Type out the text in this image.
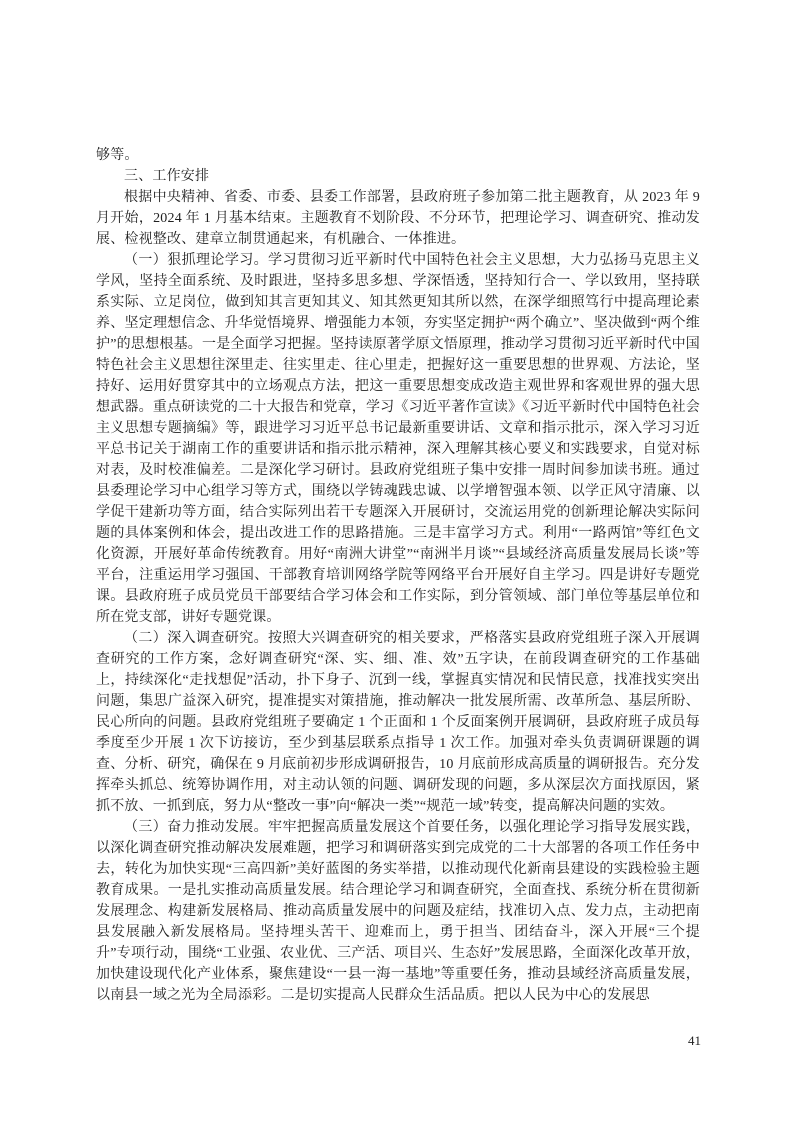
够等。

三、工作安排

根据中央精神、省委、市委、县委工作部署，县政府班子参加第二批主题教育，从 2023 年 9 月开始，2024 年 1 月基本结束。主题教育不划阶段、不分环节，把理论学习、调查研究、推动发展、检视整改、建章立制贯通起来，有机融合、一体推进。

（一）狠抓理论学习。学习贯彻习近平新时代中国特色社会主义思想，大力弘扬马克思主义学风，坚持全面系统、及时跟进，坚持多思多想、学深悟透，坚持知行合一、学以致用，坚持联系实际、立足岗位，做到知其言更知其义、知其然更知其所以然，在深学细照笃行中提高理论素养、坚定理想信念、升华觉悟境界、增强能力本领，夯实坚定拥护“两个确立”、坚决做到“两个维护”的思想根基。一是全面学习把握。坚持读原著学原文悟原理，推动学习贯彻习近平新时代中国特色社会主义思想往深里走、往实里走、往心里走，把握好这一重要思想的世界观、方法论，坚持好、运用好贯穿其中的立场观点方法，把这一重要思想变成改造主观世界和客观世界的强大思想武器。重点研读党的二十大报告和党章，学习《习近平著作宣读》《习近平新时代中国特色社会主义思想专题摘编》等，跟进学习习近平总书记最新重要讲话、文章和指示批示，深入学习习近平总书记关于湖南工作的重要讲话和指示批示精神，深入理解其核心要义和实践要求，自觉对标对表，及时校准偏差。二是深化学习研讨。县政府党组班子集中安排一周时间参加读书班。通过县委理论学习中心组学习等方式，围绕以学铸魂践忠诚、以学增智强本领、以学正风守清廉、以学促干建新功等方面，结合实际列出若干专题深入开展研讨，交流运用党的创新理论解决实际问题的具体案例和体会，提出改进工作的思路措施。三是丰富学习方式。利用“一路两馆”等红色文化资源，开展好革命传统教育。用好“南洲大讲堂”“南洲半月谈”“县域经济高质量发展局长谈”等平台，注重运用学习强国、干部教育培训网络学院等网络平台开展好自主学习。四是讲好专题党课。县政府班子成员党员干部要结合学习体会和工作实际，到分管领域、部门单位等基层单位和所在党支部，讲好专题党课。

（二）深入调查研究。按照大兴调查研究的相关要求，严格落实县政府党组班子深入开展调查研究的工作方案，念好调查研究“深、实、细、准、效”五字诀，在前段调查研究的工作基础上，持续深化“走找想促”活动，扑下身子、沉到一线，掌握真实情况和民情民意，找准找实突出问题，集思广益深入研究，提准提实对策措施，推动解决一批发展所需、改革所急、基层所盼、民心所向的问题。县政府党组班子要确定 1 个正面和 1 个反面案例开展调研，县政府班子成员每季度至少开展 1 次下访接访，至少到基层联系点指导 1 次工作。加强对牵头负责调研课题的调查、分析、研究，确保在 9 月底前初步形成调研报告，10 月底前形成高质量的调研报告。充分发挥牵头抓总、统筹协调作用，对主动认领的问题、调研发现的问题，多从深层次方面找原因，紧抓不放、一抓到底，努力从“整改一事”向“解决一类”“规范一域”转变，提高解决问题的实效。

（三）奋力推动发展。牢牢把握高质量发展这个首要任务，以强化理论学习指导发展实践，以深化调查研究推动解决发展难题，把学习和调研落实到完成党的二十大部署的各项工作任务中去，转化为加快实现“三高四新”美好蓝图的务实举措，以推动现代化新南县建设的实践检验主题教育成果。一是扎实推动高质量发展。结合理论学习和调查研究，全面查找、系统分析在贯彻新发展理念、构建新发展格局、推动高质量发展中的问题及症结，找准切入点、发力点，主动把南县发展融入新发展格局。坚持埋头苦干、迎难而上，勇于担当、团结奋斗，深入开展“三个提升”专项行动，围绕“工业强、农业优、三产活、项目兴、生态好”发展思路，全面深化改革开放，加快建设现代化产业体系，聚焦建设“一县一海一基地”等重要任务，推动县域经济高质量发展，以南县一域之光为全局添彩。二是切实提高人民群众生活品质。把以人民为中心的发展思

41
